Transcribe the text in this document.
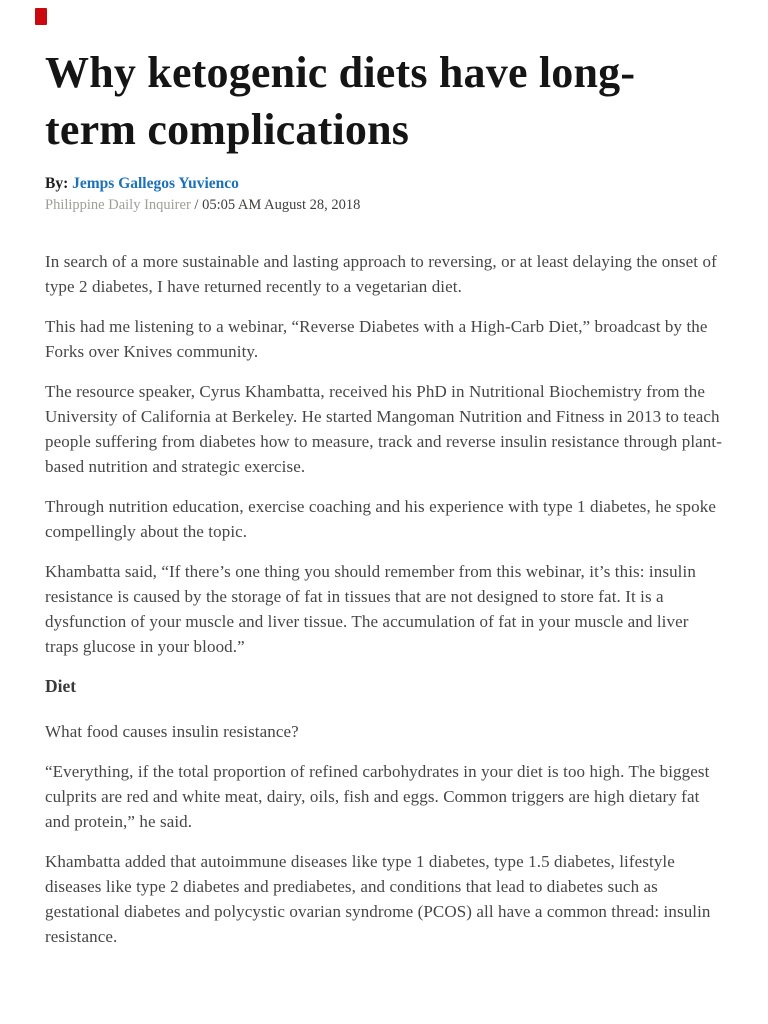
Why ketogenic diets have long-
term complications
By: Jemps Gallegos Yuvienco
Philippine Daily Inquirer / 05:05 AM August 28, 2018

In search of a more sustainable and lasting approach to reversing, or at least delaying the onset of type 2 diabetes, I have returned recently to a vegetarian diet.

This had me listening to a webinar, “Reverse Diabetes with a High-Carb Diet,” broadcast by the Forks over Knives community.

The resource speaker, Cyrus Khambatta, received his PhD in Nutritional Biochemistry from the University of California at Berkeley. He started Mangoman Nutrition and Fitness in 2013 to teach people suffering from diabetes how to measure, track and reverse insulin resistance through plant-based nutrition and strategic exercise.

Through nutrition education, exercise coaching and his experience with type 1 diabetes, he spoke compellingly about the topic.

Khambatta said, “If there’s one thing you should remember from this webinar, it’s this: insulin resistance is caused by the storage of fat in tissues that are not designed to store fat. It is a dysfunction of your muscle and liver tissue. The accumulation of fat in your muscle and liver traps glucose in your blood.”

Diet

What food causes insulin resistance?

“Everything, if the total proportion of refined carbohydrates in your diet is too high. The biggest culprits are red and white meat, dairy, oils, fish and eggs. Common triggers are high dietary fat and protein,” he said.

Khambatta added that autoimmune diseases like type 1 diabetes, type 1.5 diabetes, lifestyle diseases like type 2 diabetes and prediabetes, and conditions that lead to diabetes such as gestational diabetes and polycystic ovarian syndrome (PCOS) all have a common thread: insulin resistance.
